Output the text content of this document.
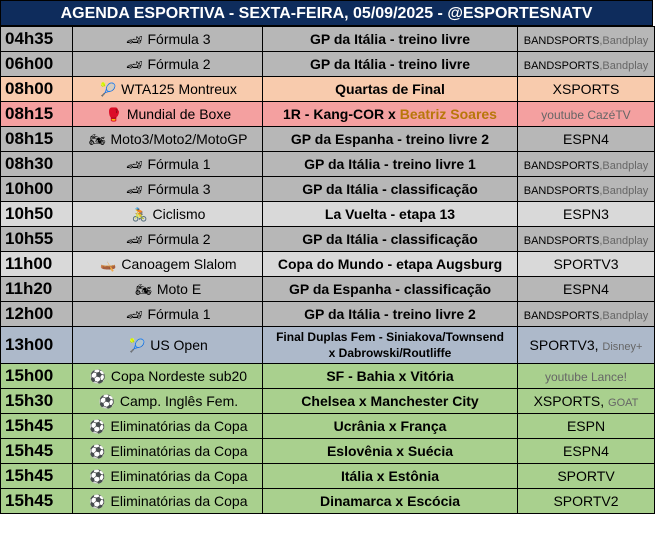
AGENDA ESPORTIVA - SEXTA-FEIRA, 05/09/2025 - @ESPORTESNATV
04h35	🏎 Fórmula 3	GP da Itália - treino livre	BANDSPORTS,Bandplay
06h00	🏎 Fórmula 2	GP da Itália - treino livre	BANDSPORTS,Bandplay
08h00	🎾 WTA125 Montreux	Quartas de Final	XSPORTS
08h15	🥊 Mundial de Boxe	1R - Kang-COR x Beatriz Soares	youtube CazéTV
08h15	🏍 Moto3/Moto2/MotoGP	GP da Espanha - treino livre 2	ESPN4
08h30	🏎 Fórmula 1	GP da Itália - treino livre 1	BANDSPORTS,Bandplay
10h00	🏎 Fórmula 3	GP da Itália - classificação	BANDSPORTS,Bandplay
10h50	🚴 Ciclismo	La Vuelta - etapa 13	ESPN3
10h55	🏎 Fórmula 2	GP da Itália - classificação	BANDSPORTS,Bandplay
11h00	🛶 Canoagem Slalom	Copa do Mundo - etapa Augsburg	SPORTV3
11h20	🏍 Moto E	GP da Espanha - classificação	ESPN4
12h00	🏎 Fórmula 1	GP da Itália - treino livre 2	BANDSPORTS,Bandplay
13h00	🎾 US Open	Final Duplas Fem - Siniakova/Townsend
x Dabrowski/Routliffe	SPORTV3, Disney+
15h00	⚽ Copa Nordeste sub20	SF - Bahia x Vitória	youtube Lance!
15h30	⚽ Camp. Inglês Fem.	Chelsea x Manchester City	XSPORTS, GOAT
15h45	⚽ Eliminatórias da Copa	Ucrânia x França	ESPN
15h45	⚽ Eliminatórias da Copa	Eslovênia x Suécia	ESPN4
15h45	⚽ Eliminatórias da Copa	Itália x Estônia	SPORTV
15h45	⚽ Eliminatórias da Copa	Dinamarca x Escócia	SPORTV2
